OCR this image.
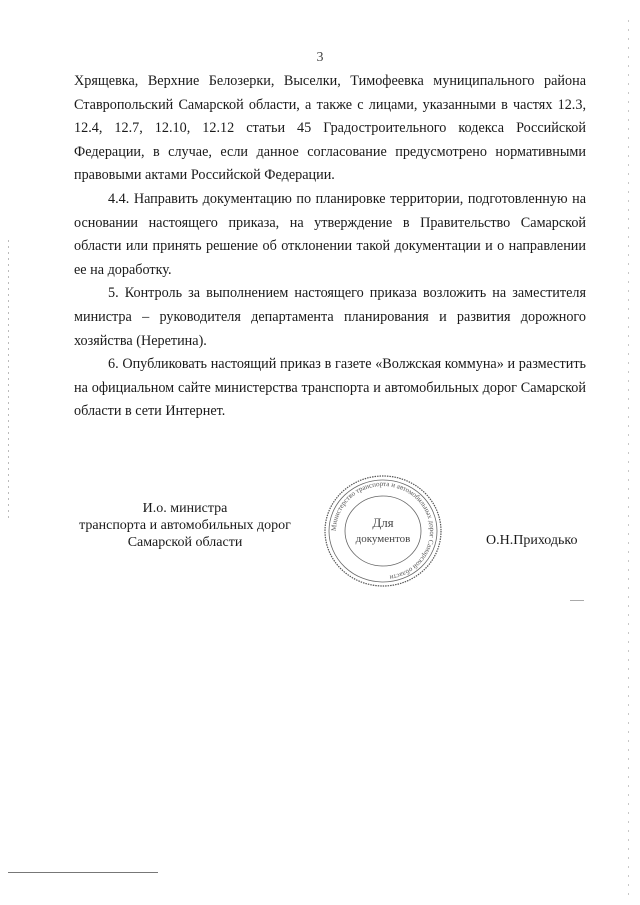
3

Хрящевка, Верхние Белозерки, Выселки, Тимофеевка муниципального района Ставропольский Самарской области, а также с лицами, указанными в частях 12.3, 12.4, 12.7, 12.10, 12.12 статьи 45 Градостроительного кодекса Российской Федерации, в случае, если данное согласование предусмотрено нормативными правовыми актами Российской Федерации.

4.4. Направить документацию по планировке территории, подготовленную на основании настоящего приказа, на утверждение в Правительство Самарской области или принять решение об отклонении такой документации и о направлении ее на доработку.

5. Контроль за выполнением настоящего приказа возложить на заместителя министра – руководителя департамента планирования и развития дорожного хозяйства (Неретина).

6. Опубликовать настоящий приказ в газете «Волжская коммуна» и разместить на официальном сайте министерства транспорта и автомобильных дорог Самарской области в сети Интернет.

И.о. министра
транспорта и автомобильных дорог
Самарской области
Министерство транспорта и автомобильных дорог Самарской области
Для
документов	О.Н.Приходько
